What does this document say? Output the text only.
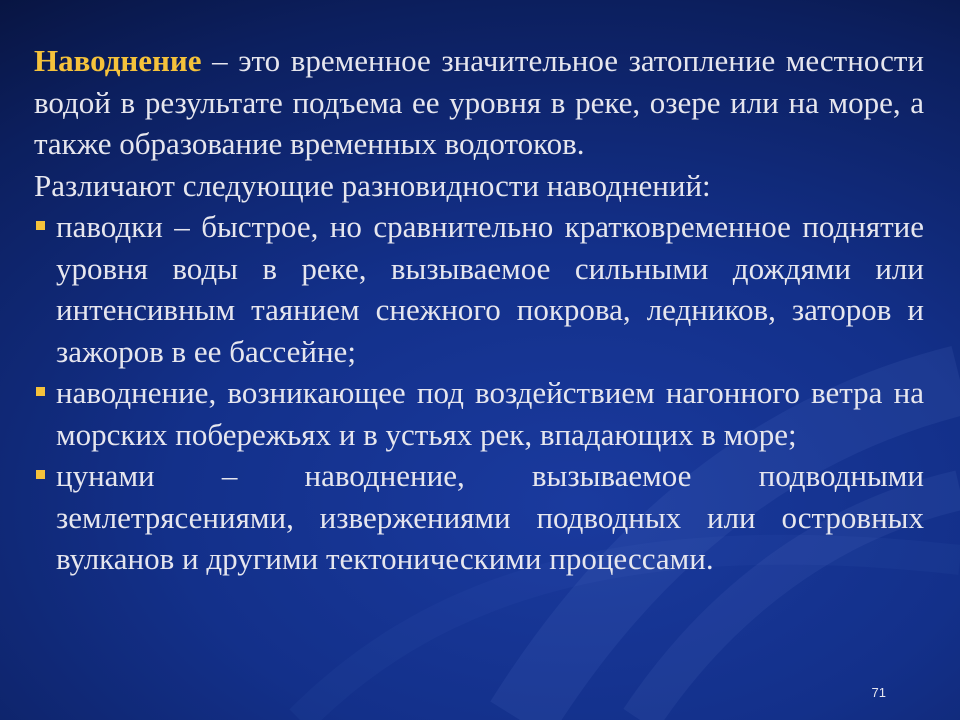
Наводнение – это временное значительное затопление местности водой в результате подъема ее уровня в реке, озере или на море, а также образование временных водотоков.

Различают следующие разновидности наводнений:

паводки – быстрое, но сравнительно кратковременное поднятие уровня воды в реке, вызываемое сильными дождями или интенсивным таянием снежного покрова, ледников, заторов и зажоров в ее бассейне;
наводнение, возникающее под воздействием нагонного ветра на морских побережьях и в устьях рек, впадающих в море;
цунами – наводнение, вызываемое подводными землетрясениями, извержениями подводных или островных вулканов и другими тектоническими процессами.
71
